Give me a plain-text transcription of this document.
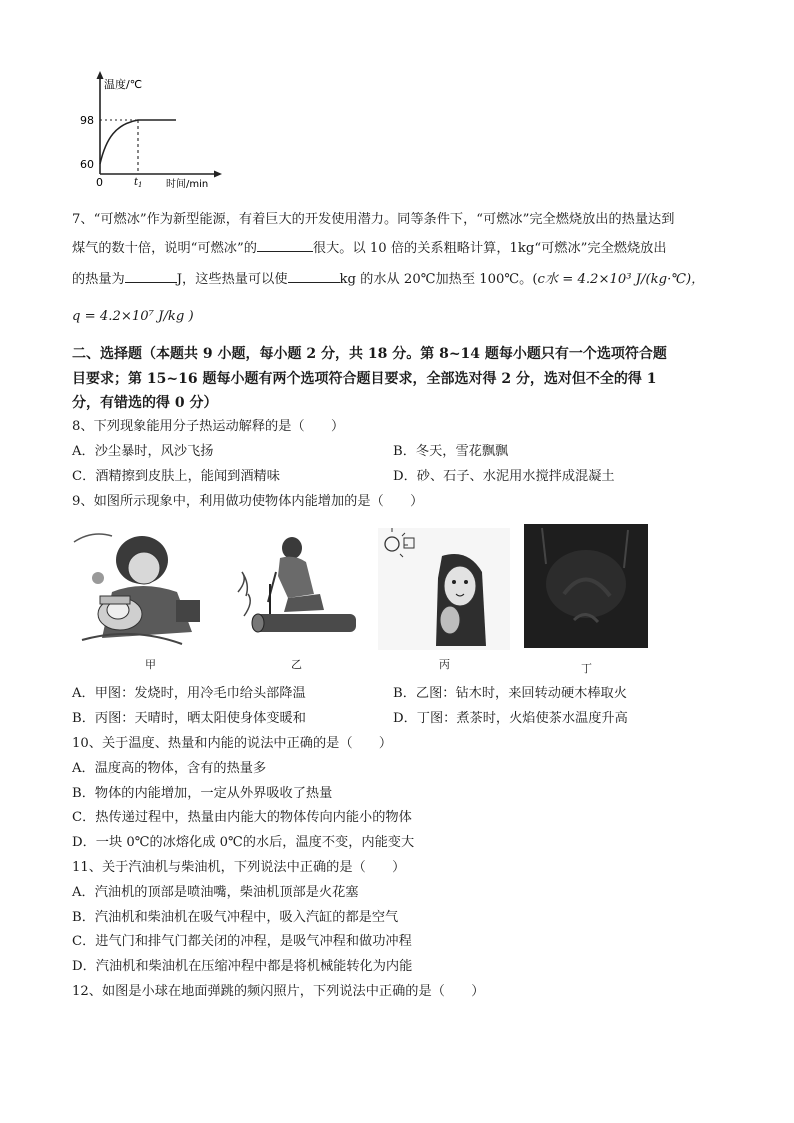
温度/℃
98
60
0	$t_1$ 时间/min
7、“可燃冰”作为新型能源，有着巨大的开发使用潜力。同等条件下，“可燃冰”完全燃烧放出的热量达到
煤气的数十倍，说明“可燃冰”的	很大。以 10 倍的关系粗略计算，1kg“可燃冰”完全燃烧放出
的热量为	J，这些热量可以使	kg 的水从 20℃加热至 100℃。(c水 = 4.2×10³ J/(kg·℃)，
q = 4.2×10⁷ J/kg )
二、选择题（本题共 9 小题，每小题 2 分，共 18 分。第 8~14 题每小题只有一个选项符合题
目要求；第 15~16 题每小题有两个选项符合题目要求，全部选对得 2 分，选对但不全的得 1
分，有错选的得 0 分）
8、下列现象能用分子热运动解释的是（　　）
A．沙尘暴时，风沙飞扬	B．冬天，雪花飘飘
C．酒精擦到皮肤上，能闻到酒精味	D．砂、石子、水泥用水搅拌成混凝土
9、如图所示现象中，利用做功使物体内能增加的是（　　）
甲	乙	丙	丁
A．甲图：发烧时，用冷毛巾给头部降温	B．乙图：钻木时，来回转动硬木棒取火
B．丙图：天晴时，晒太阳使身体变暖和	D．丁图：煮茶时，火焰使茶水温度升高
10、关于温度、热量和内能的说法中正确的是（　　）
A．温度高的物体，含有的热量多
B．物体的内能增加，一定从外界吸收了热量
C．热传递过程中，热量由内能大的物体传向内能小的物体
D．一块 0℃的冰熔化成 0℃的水后，温度不变，内能变大
11、关于汽油机与柴油机，下列说法中正确的是（　　）
A．汽油机的顶部是喷油嘴，柴油机顶部是火花塞
B．汽油机和柴油机在吸气冲程中，吸入汽缸的都是空气
C．进气门和排气门都关闭的冲程，是吸气冲程和做功冲程
D．汽油机和柴油机在压缩冲程中都是将机械能转化为内能
12、如图是小球在地面弹跳的频闪照片，下列说法中正确的是（　　）
